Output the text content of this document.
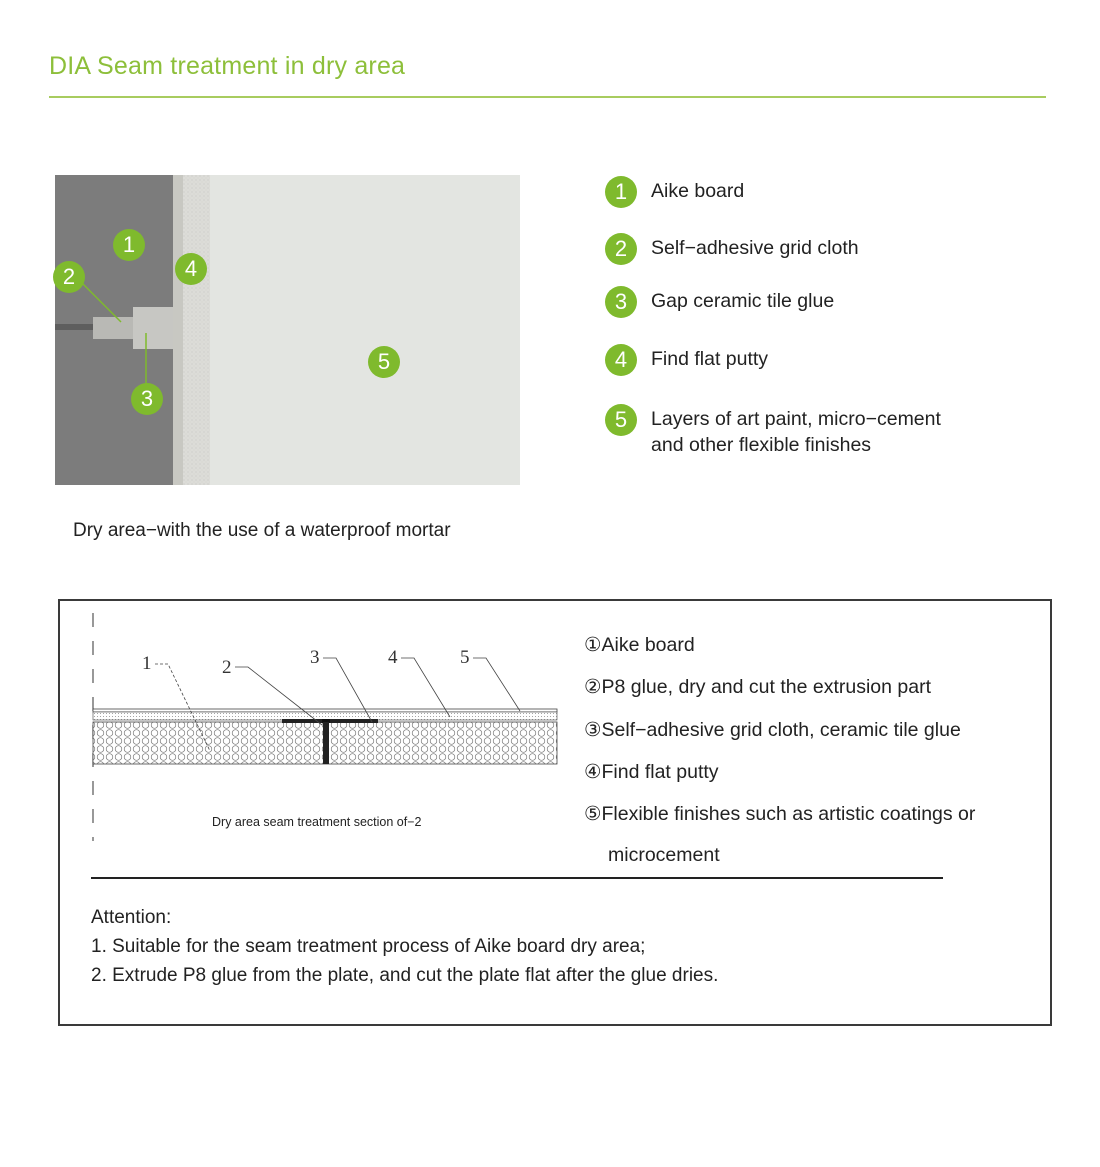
DIA Seam treatment in dry area
1
2
3
4
5
Dry area−with the use of a waterproof mortar
1	Aike board
2	Self−adhesive grid cloth
3	Gap ceramic tile glue
4	Find flat putty
5	Layers of art paint, micro−cement
and other flexible finishes
1	2	3	4	5
Dry area seam treatment section of−2
①Aike board
②P8 glue, dry and cut the extrusion part
③Self−adhesive grid cloth, ceramic tile glue
④Find flat putty
⑤Flexible finishes such as artistic coatings or
microcement
Attention:
1. Suitable for the seam treatment process of Aike board dry area;
2. Extrude P8 glue from the plate, and cut the plate flat after the glue dries.
